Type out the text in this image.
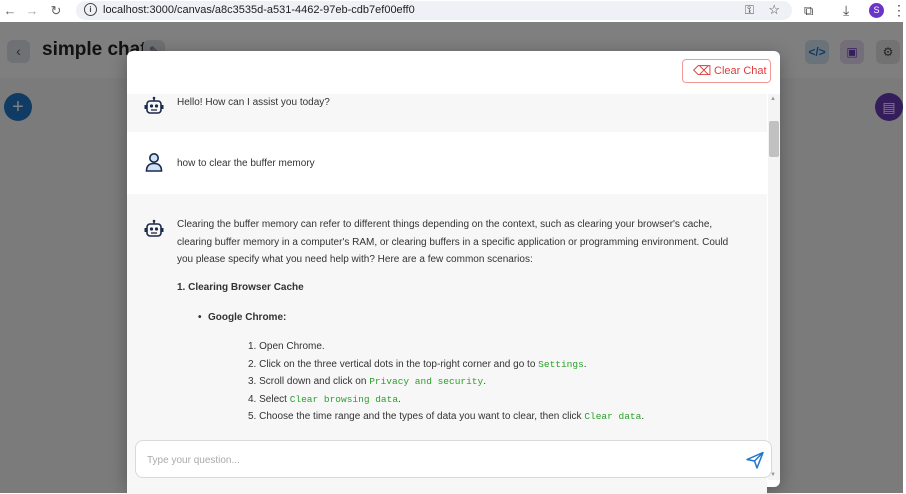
← → ↻	i	localhost:3000/canvas/a8c3535d-a531-4462-97eb-cdb7ef00eff0	⚿ ☆ ⧉ ⤓	S ⋮
⌫ Clear Chat
Hello! How can I assist you today?
how to clear the buffer memory
Clearing the buffer memory can refer to different things depending on the context, such as clearing your browser's cache, clearing buffer memory in a computer's RAM, or clearing buffers in a specific application or programming environment. Could you please specify what you need help with? Here are a few common scenarios:
1. Clearing Browser Cache
• Google Chrome:
1. Open Chrome.
2. Click on the three vertical dots in the top-right corner and go to Settings.
3. Scroll down and click on Privacy and security.
4. Select Clear browsing data.
5. Choose the time range and the types of data you want to clear, then click Clear data.
▲
▼
Type your question...
